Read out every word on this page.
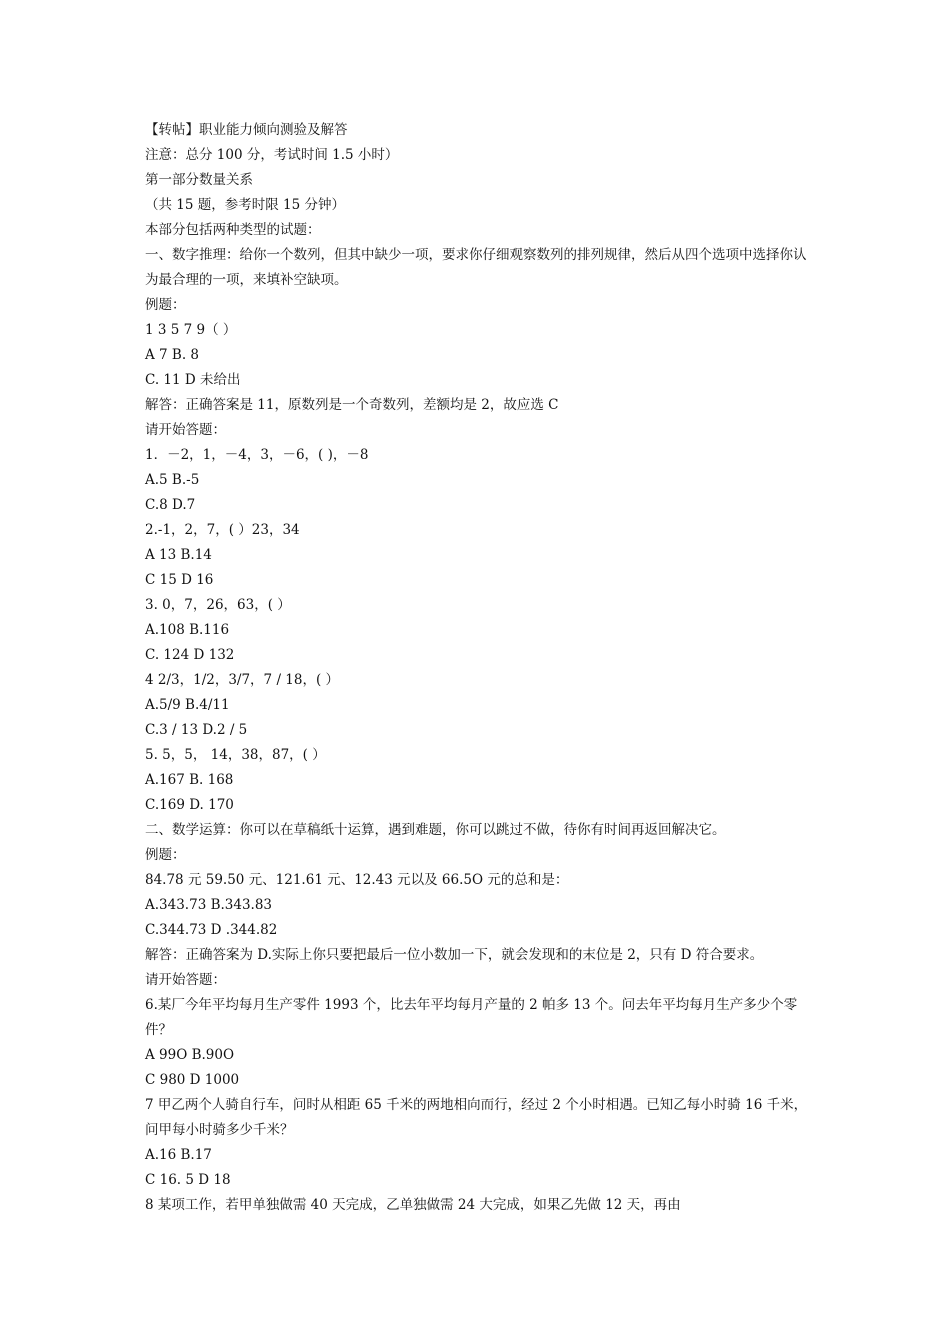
【转帖】职业能力倾向测验及解答
注意：总分 100 分，考试时间 1.5 小时）
第一部分数量关系
（共 15 题，参考时限 15 分钟）
本部分包括两种类型的试题：
一、数字推理：给你一个数列，但其中缺少一项，要求你仔细观察数列的排列规律，然后从四个选项中选择你认为最合理的一项，来填补空缺项。
例题：
1 3 5 7 9（ ）
A 7 B. 8
C. 11 D 未给出
解答：正确答案是 11，原数列是一个奇数列，差额均是 2，故应选 C
请开始答题：
1．－2，1，－4，3，－6，( )，－8
A.5 B.-5
C.8 D.7
2.-1，2，7，( ）23，34
A 13 B.14
C 15 D 16
3. 0，7，26，63，( ）
A.108 B.116
C. 124 D 132
4 2/3，1/2，3/7，7 / 18，( ）
A.5/9 B.4/11
C.3 / 13 D.2 / 5
5. 5，5， 14，38，87，( ）
A.167 B. 168
C.169 D. 170
二、数学运算：你可以在草稿纸十运算，遇到难题，你可以跳过不做，待你有时间再返回解决它。
例题：
84.78 元 59.50 元、121.61 元、12.43 元以及 66.5O 元的总和是：
A.343.73 B.343.83
C.344.73 D .344.82
解答：正确答案为 D.实际上你只要把最后一位小数加一下，就会发现和的末位是 2，只有 D 符合要求。
请开始答题：
6.某厂今年平均每月生产零件 1993 个，比去年平均每月产量的 2 帕多 13 个。问去年平均每月生产多少个零件？
A 99O B.90O
C 980 D 1000
7 甲乙两个人骑自行车，问时从相距 65 千米的两地相向而行，经过 2 个小时相遇。已知乙每小时骑 16 千米，问甲每小时骑多少千米？
A.16 B.17
C 16. 5 D 18
8 某项工作，若甲单独做需 40 天完成，乙单独做需 24 大完成，如果乙先做 12 天，再由
